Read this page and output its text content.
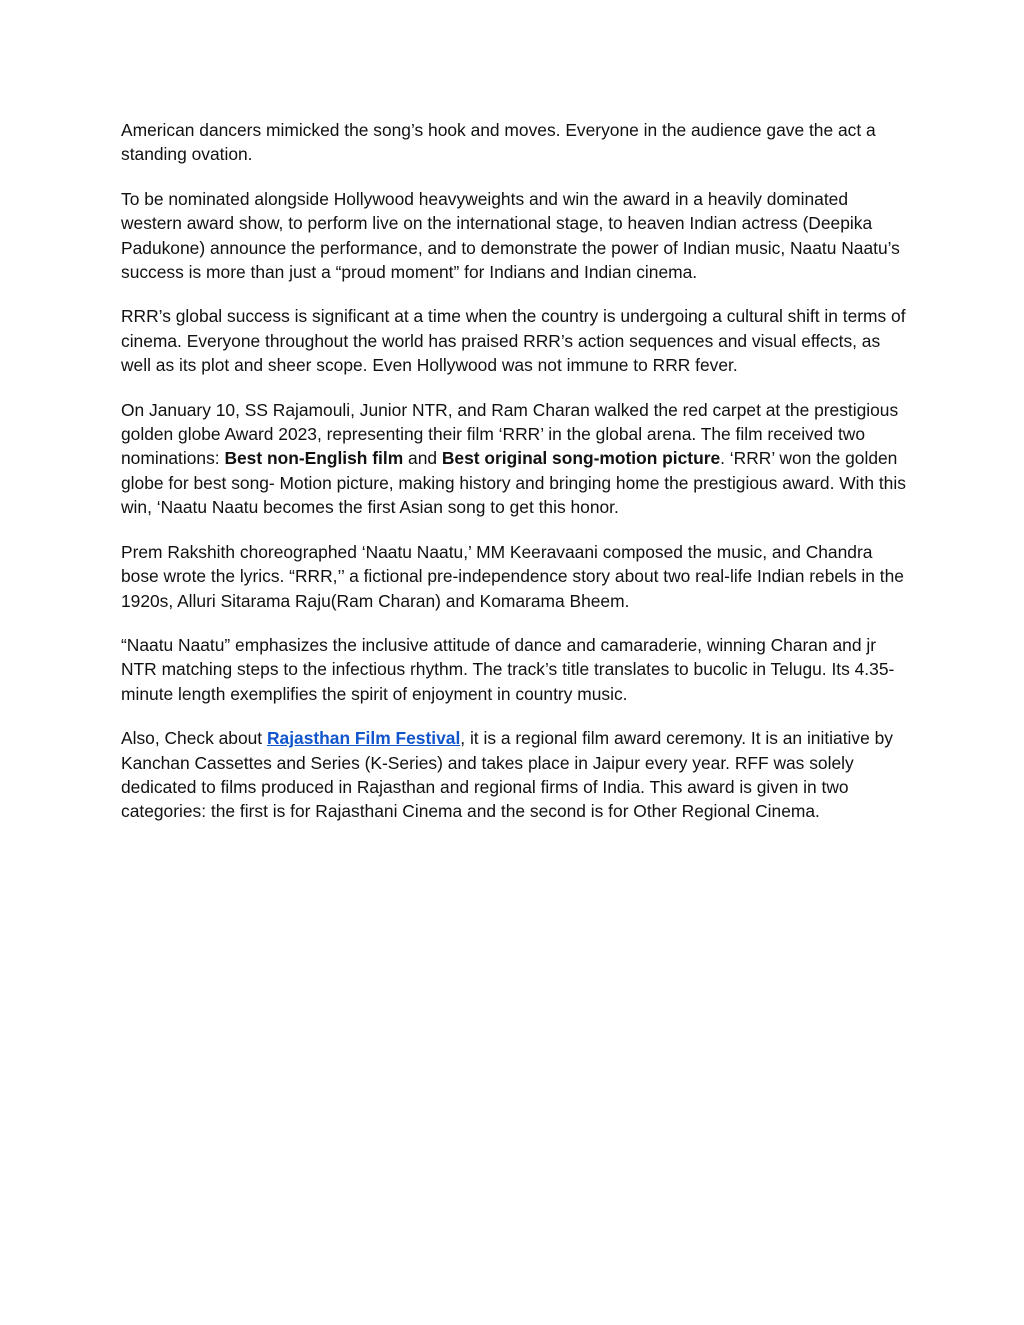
American dancers mimicked the song’s hook and moves. Everyone in the audience gave the act a standing ovation.

To be nominated alongside Hollywood heavyweights and win the award in a heavily dominated western award show, to perform live on the international stage, to heaven Indian actress (Deepika Padukone) announce the performance, and to demonstrate the power of Indian music, Naatu Naatu’s success is more than just a “proud moment” for Indians and Indian cinema.

RRR’s global success is significant at a time when the country is undergoing a cultural shift in terms of cinema. Everyone throughout the world has praised RRR’s action sequences and visual effects, as well as its plot and sheer scope. Even Hollywood was not immune to RRR fever.

On January 10, SS Rajamouli, Junior NTR, and Ram Charan walked the red carpet at the prestigious golden globe Award 2023, representing their film ‘RRR’ in the global arena. The film received two nominations: Best non-English film and Best original song-motion picture. ‘RRR’ won the golden globe for best song- Motion picture, making history and bringing home the prestigious award. With this win, ‘Naatu Naatu becomes the first Asian song to get this honor.

Prem Rakshith choreographed ‘Naatu Naatu,’ MM Keeravaani composed the music, and Chandra bose wrote the lyrics. “RRR,’’ a fictional pre-independence story about two real-life Indian rebels in the 1920s, Alluri Sitarama Raju(Ram Charan) and Komarama Bheem.

“Naatu Naatu” emphasizes the inclusive attitude of dance and camaraderie, winning Charan and jr NTR matching steps to the infectious rhythm. The track’s title translates to bucolic in Telugu. Its 4.35-minute length exemplifies the spirit of enjoyment in country music.

Also, Check about Rajasthan Film Festival, it is a regional film award ceremony. It is an initiative by Kanchan Cassettes and Series (K-Series) and takes place in Jaipur every year. RFF was solely dedicated to films produced in Rajasthan and regional firms of India. This award is given in two categories: the first is for Rajasthani Cinema and the second is for Other Regional Cinema.
